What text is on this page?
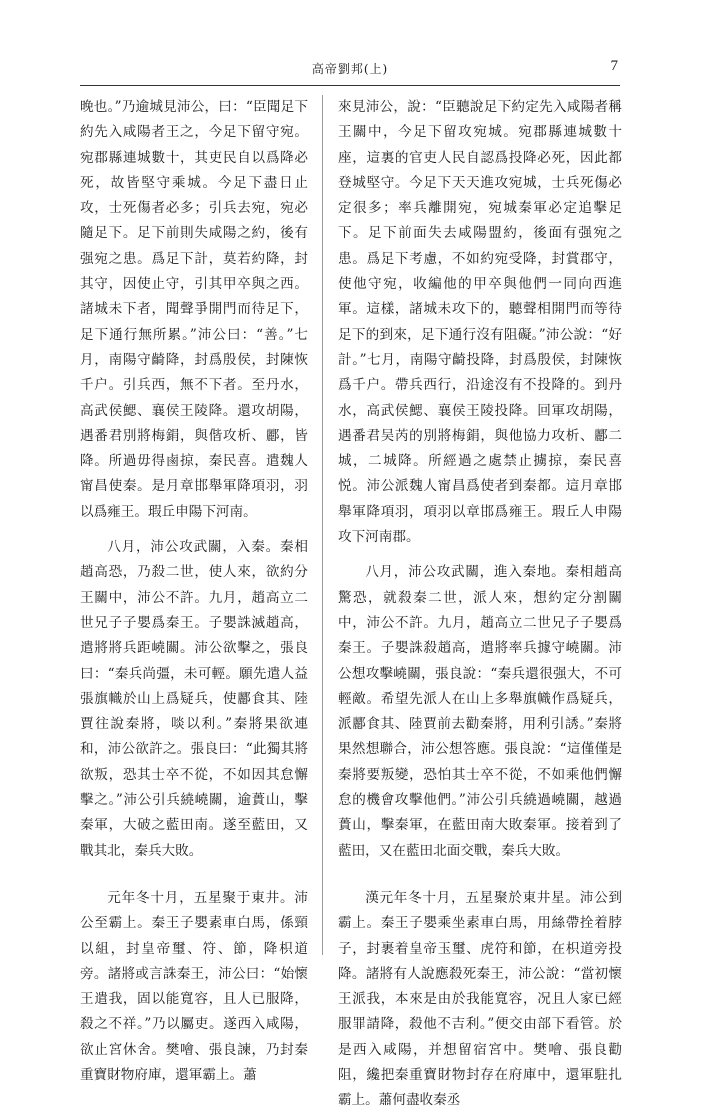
高帝劉邦(上)	7

晚也。”乃逾城見沛公，曰：“臣聞足下約先入咸陽者王之，今足下留守宛。宛郡縣連城數十，其吏民自以爲降必死，故皆堅守乘城。今足下盡日止攻，士死傷者必多；引兵去宛，宛必隨足下。足下前則失咸陽之約，後有强宛之患。爲足下計，莫若約降，封其守，因使止守，引其甲卒與之西。諸城未下者，聞聲爭開門而待足下，足下通行無所累。”沛公曰：“善。”七月，南陽守齮降，封爲殷侯，封陳恢千户。引兵西，無不下者。至丹水，高武侯鰓、襄侯王陵降。還攻胡陽，遇番君別將梅鋗，與偕攻析、酈，皆降。所過毋得鹵掠，秦民喜。遣魏人甯昌使秦。是月章邯舉軍降項羽，羽以爲雍王。瑕丘申陽下河南。

八月，沛公攻武關，入秦。秦相趙高恐，乃殺二世，使人來，欲約分王關中，沛公不許。九月，趙高立二世兄子子嬰爲秦王。子嬰誅滅趙高，遣將將兵距嶢關。沛公欲擊之，張良曰：“秦兵尚彊，未可輕。願先遣人益張旗幟於山上爲疑兵，使酈食其、陸賈往說秦將，啖以利。”秦將果欲連和，沛公欲許之。張良曰：“此獨其將欲叛，恐其士卒不從，不如因其怠懈擊之。”沛公引兵繞嶢關，逾蕢山，擊秦軍，大破之藍田南。遂至藍田，又戰其北，秦兵大敗。

元年冬十月，五星聚于東井。沛公至霸上。秦王子嬰素車白馬，係頸以組，封皇帝璽、符、節，降枳道旁。諸將或言誅秦王，沛公曰：“始懷王遣我，固以能寬容，且人已服降，殺之不祥。”乃以屬吏。遂西入咸陽，欲止宮休舍。樊噲、張良諫，乃封秦重寶財物府庫，還軍霸上。蕭

來見沛公，說：“臣聽說足下約定先入咸陽者稱王關中，今足下留攻宛城。宛郡縣連城數十座，這裏的官吏人民自認爲投降必死，因此都登城堅守。今足下天天進攻宛城，士兵死傷必定很多；率兵離開宛，宛城秦軍必定追擊足下。足下前面失去咸陽盟約，後面有强宛之患。爲足下考慮，不如約宛受降，封賞郡守，使他守宛，收編他的甲卒與他們一同向西進軍。這樣，諸城未攻下的，聽聲相開門而等待足下的到來，足下通行沒有阻礙。”沛公說：“好計。”七月，南陽守齮投降，封爲殷侯，封陳恢爲千户。帶兵西行，沿途沒有不投降的。到丹水，高武侯鰓、襄侯王陵投降。回軍攻胡陽，遇番君吴芮的別將梅鋗，與他協力攻析、酈二城，二城降。所經過之處禁止擄掠，秦民喜悦。沛公派魏人甯昌爲使者到秦都。這月章邯舉軍降項羽，項羽以章邯爲雍王。瑕丘人申陽攻下河南郡。

八月，沛公攻武關，進入秦地。秦相趙高驚恐，就殺秦二世，派人來，想約定分割關中，沛公不許。九月，趙高立二世兄子子嬰爲秦王。子嬰誅殺趙高，遣將率兵據守嶢關。沛公想攻擊嶢關，張良說：“秦兵還很强大，不可輕敵。希望先派人在山上多舉旗幟作爲疑兵，派酈食其、陸賈前去勸秦將，用利引誘。”秦將果然想聯合，沛公想答應。張良說：“這僅僅是秦將要叛變，恐怕其士卒不從，不如乘他們懈怠的機會攻擊他們。”沛公引兵繞過嶢關，越過蕢山，擊秦軍，在藍田南大敗秦軍。接着到了藍田，又在藍田北面交戰，秦兵大敗。

漢元年冬十月，五星聚於東井星。沛公到霸上。秦王子嬰乘坐素車白馬，用絲帶拴着脖子，封裹着皇帝玉璽、虎符和節，在枳道旁投降。諸將有人說應殺死秦王，沛公說：“當初懷王派我，本來是由於我能寬容，况且人家已經服罪請降，殺他不吉利。”便交由部下看管。於是西入咸陽，并想留宿宮中。樊噲、張良勸阻，纔把秦重寶財物封存在府庫中，還軍駐扎霸上。蕭何盡收秦丞
